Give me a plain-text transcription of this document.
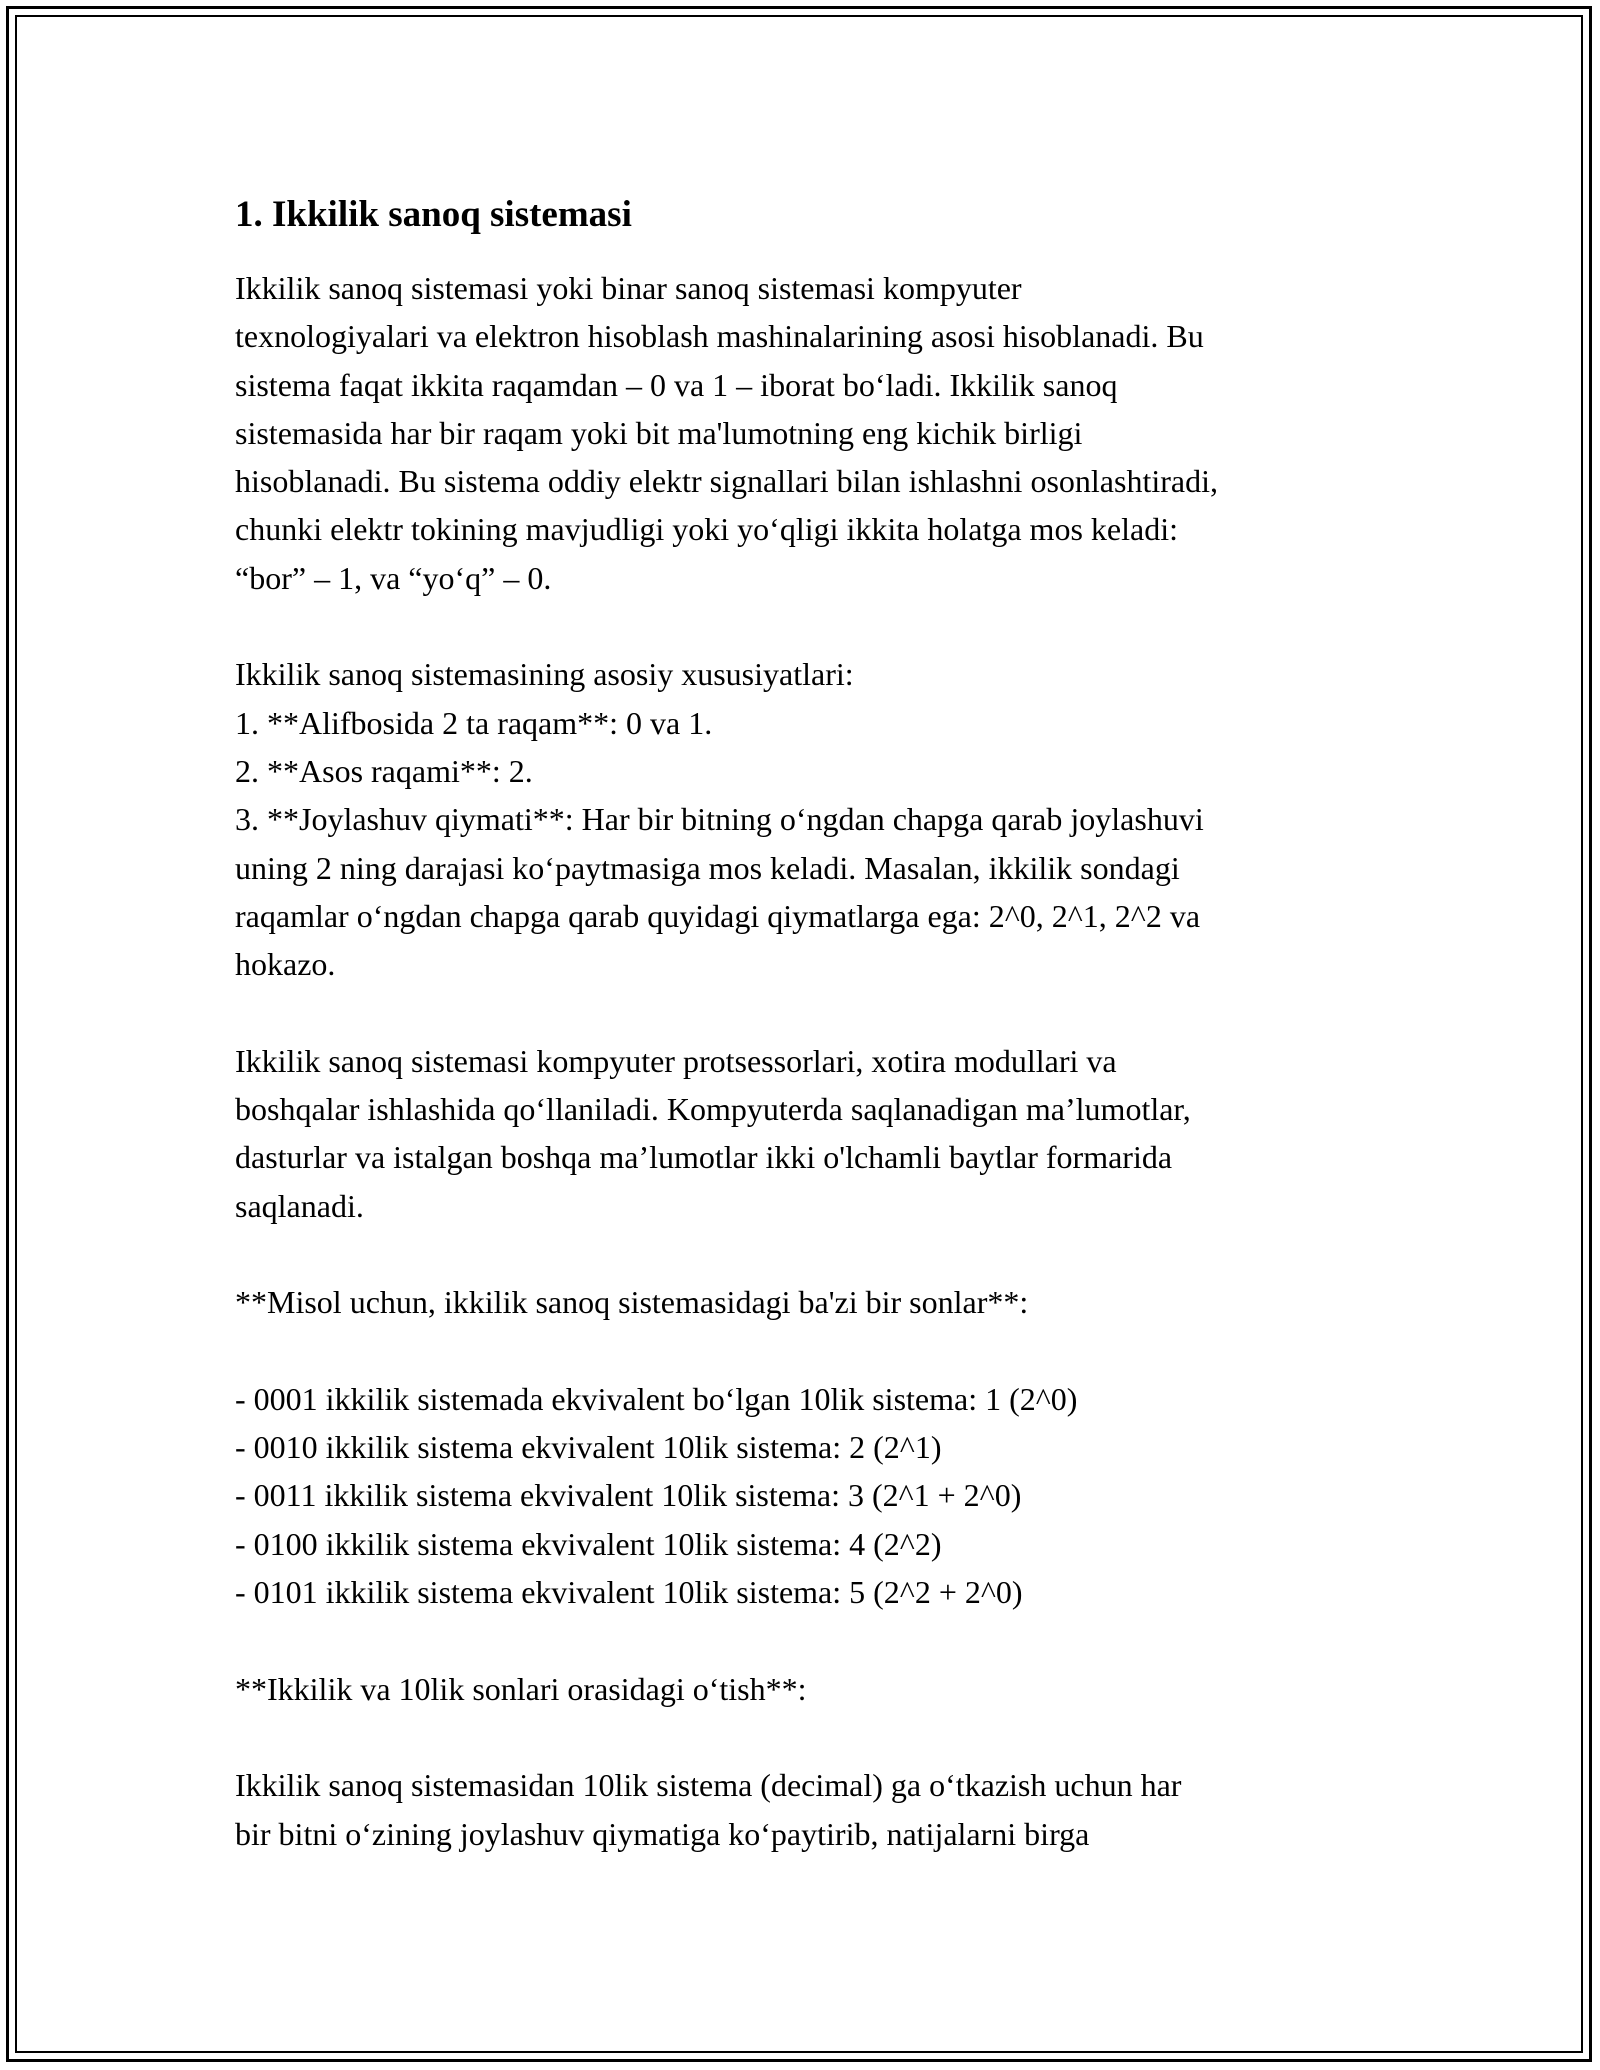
1. Ikkilik sanoq sistemasi
Ikkilik sanoq sistemasi yoki binar sanoq sistemasi kompyuter
texnologiyalari va elektron hisoblash mashinalarining asosi hisoblanadi. Bu
sistema faqat ikkita raqamdan – 0 va 1 – iborat bo‘ladi. Ikkilik sanoq
sistemasida har bir raqam yoki bit ma'lumotning eng kichik birligi
hisoblanadi. Bu sistema oddiy elektr signallari bilan ishlashni osonlashtiradi,
chunki elektr tokining mavjudligi yoki yo‘qligi ikkita holatga mos keladi:
“bor” – 1, va “yo‘q” – 0.
Ikkilik sanoq sistemasining asosiy xususiyatlari:
1. **Alifbosida 2 ta raqam**: 0 va 1.
2. **Asos raqami**: 2.
3. **Joylashuv qiymati**: Har bir bitning o‘ngdan chapga qarab joylashuvi
uning 2 ning darajasi ko‘paytmasiga mos keladi. Masalan, ikkilik sondagi
raqamlar o‘ngdan chapga qarab quyidagi qiymatlarga ega: 2^0, 2^1, 2^2 va
hokazo.
Ikkilik sanoq sistemasi kompyuter protsessorlari, xotira modullari va
boshqalar ishlashida qo‘llaniladi. Kompyuterda saqlanadigan ma’lumotlar,
dasturlar va istalgan boshqa ma’lumotlar ikki o'lchamli baytlar formarida
saqlanadi.
**Misol uchun, ikkilik sanoq sistemasidagi ba'zi bir sonlar**:
- 0001 ikkilik sistemada ekvivalent bo‘lgan 10lik sistema: 1 (2^0)
- 0010 ikkilik sistema ekvivalent 10lik sistema: 2 (2^1)
- 0011 ikkilik sistema ekvivalent 10lik sistema: 3 (2^1 + 2^0)
- 0100 ikkilik sistema ekvivalent 10lik sistema: 4 (2^2)
- 0101 ikkilik sistema ekvivalent 10lik sistema: 5 (2^2 + 2^0)
**Ikkilik va 10lik sonlari orasidagi o‘tish**:
Ikkilik sanoq sistemasidan 10lik sistema (decimal) ga o‘tkazish uchun har
bir bitni o‘zining joylashuv qiymatiga ko‘paytirib, natijalarni birga
